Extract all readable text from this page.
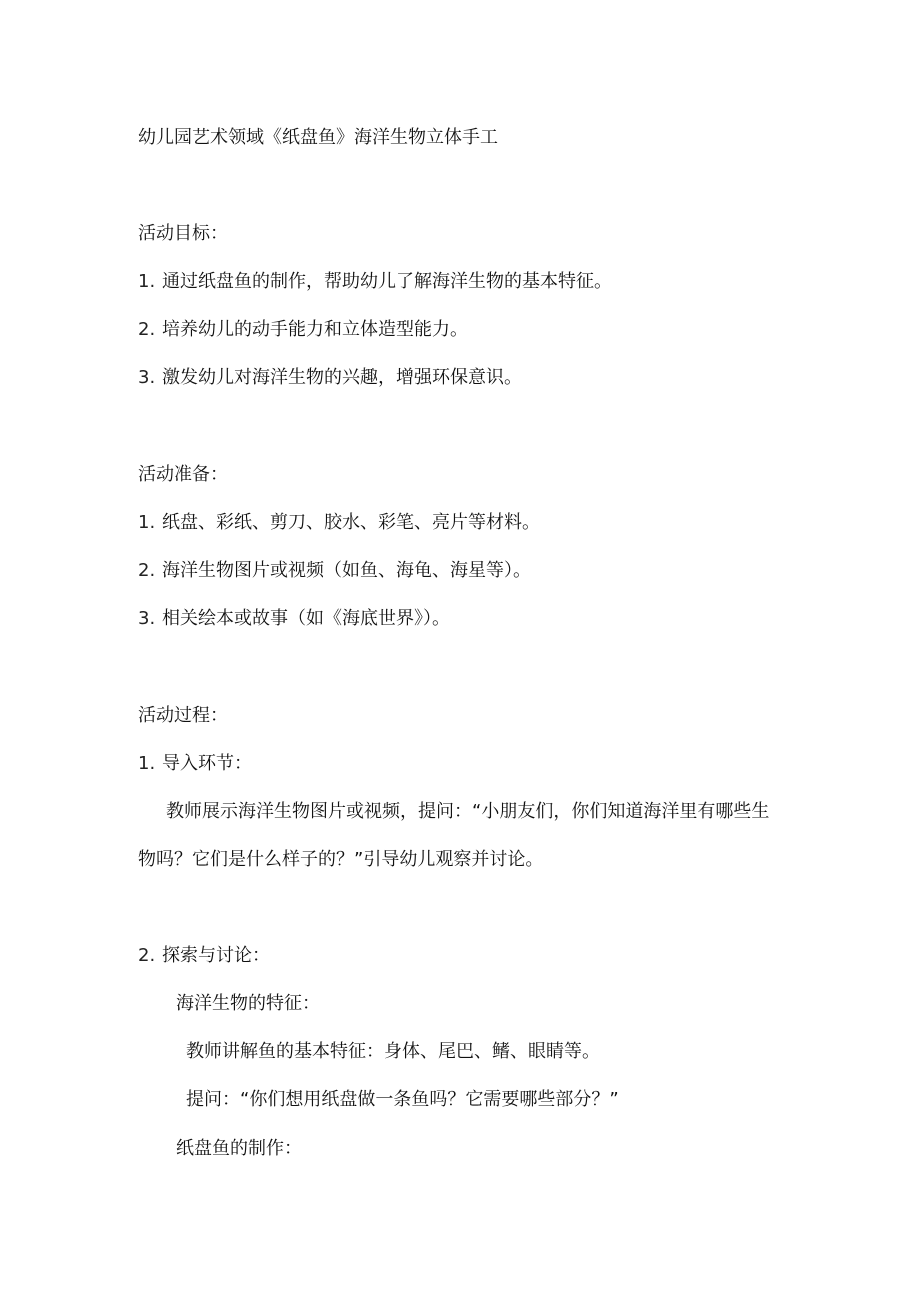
幼儿园艺术领域《纸盘鱼》海洋生物立体手工
活动目标：
1. 通过纸盘鱼的制作，帮助幼儿了解海洋生物的基本特征。
2. 培养幼儿的动手能力和立体造型能力。
3. 激发幼儿对海洋生物的兴趣，增强环保意识。
活动准备：
1. 纸盘、彩纸、剪刀、胶水、彩笔、亮片等材料。
2. 海洋生物图片或视频（如鱼、海龟、海星等）。
3. 相关绘本或故事（如《海底世界》）。
活动过程：
1. 导入环节：
教师展示海洋生物图片或视频，提问：“小朋友们，你们知道海洋里有哪些生
物吗？它们是什么样子的？”引导幼儿观察并讨论。
2. 探索与讨论：
海洋生物的特征：
教师讲解鱼的基本特征：身体、尾巴、鳍、眼睛等。
提问：“你们想用纸盘做一条鱼吗？它需要哪些部分？”
纸盘鱼的制作：
